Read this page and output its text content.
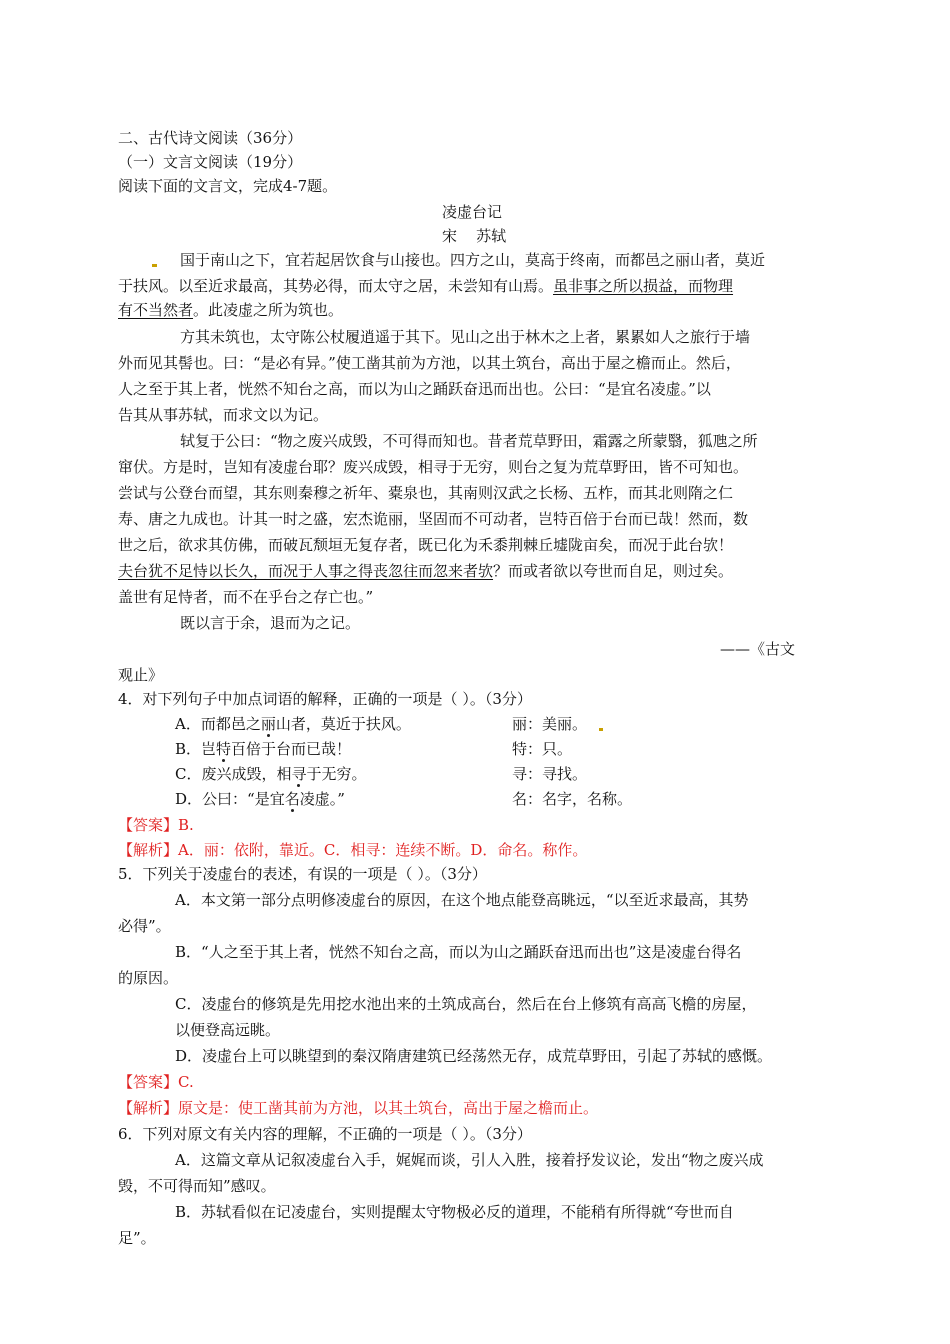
二、古代诗文阅读（36分）
（一）文言文阅读（19分）
阅读下面的文言文，完成4-7题。
凌虚台记
宋    苏轼
国于南山之下，宜若起居饮食与山接也。四方之山，莫高于终南，而都邑之丽山者，莫近
于扶风。以至近求最高，其势必得，而太守之居，未尝知有山焉。虽非事之所以损益，而物理
有不当然者。此凌虚之所为筑也。
方其未筑也，太守陈公杖履逍遥于其下。见山之出于林木之上者，累累如人之旅行于墙
外而见其髻也。曰：“是必有异。”使工凿其前为方池，以其土筑台，高出于屋之檐而止。然后，
人之至于其上者，恍然不知台之高，而以为山之踊跃奋迅而出也。公曰：“是宜名凌虚。”以
告其从事苏轼，而求文以为记。
轼复于公曰：“物之废兴成毁，不可得而知也。昔者荒草野田，霜露之所蒙翳，狐虺之所
窜伏。方是时，岂知有凌虚台耶？废兴成毁，相寻于无穷，则台之复为荒草野田，皆不可知也。
尝试与公登台而望，其东则秦穆之祈年、橐泉也，其南则汉武之长杨、五柞，而其北则隋之仁
寿、唐之九成也。计其一时之盛，宏杰诡丽，坚固而不可动者，岂特百倍于台而已哉！然而，数
世之后，欲求其仿佛，而破瓦颓垣无复存者，既已化为禾黍荆棘丘墟陇亩矣，而况于此台欤！
夫台犹不足恃以长久，而况于人事之得丧忽往而忽来者欤？而或者欲以夸世而自足，则过矣。
盖世有足恃者，而不在乎台之存亡也。”
既以言于余，退而为之记。
——《古文
观止》
4．对下列句子中加点词语的解释，正确的一项是（ ）。（3分）
A．而都邑之丽山者，莫近于扶风。	丽：美丽。
B．岂特百倍于台而已哉！	特：只。
C．废兴成毁，相寻于无穷。	寻：寻找。
D．公曰：“是宜名凌虚。”	名：名字，名称。
【答案】B.
【解析】A．丽：依附，靠近。C．相寻：连续不断。D．命名。称作。
5．下列关于凌虚台的表述，有误的一项是（ ）。（3分）
A．本文第一部分点明修凌虚台的原因，在这个地点能登高眺远，“以至近求最高，其势
必得”。
B．“人之至于其上者，恍然不知台之高，而以为山之踊跃奋迅而出也”这是凌虚台得名
的原因。
C．凌虚台的修筑是先用挖水池出来的土筑成高台，然后在台上修筑有高高飞檐的房屋，
以便登高远眺。
D．凌虚台上可以眺望到的秦汉隋唐建筑已经荡然无存，成荒草野田，引起了苏轼的感慨。
【答案】C.
【解析】原文是：使工凿其前为方池，以其土筑台，高出于屋之檐而止。
6．下列对原文有关内容的理解，不正确的一项是（ ）。（3分）
A．这篇文章从记叙凌虚台入手，娓娓而谈，引人入胜，接着抒发议论，发出“物之废兴成
毁，不可得而知”感叹。
B．苏轼看似在记凌虚台，实则提醒太守物极必反的道理，不能稍有所得就“夸世而自
足”。
